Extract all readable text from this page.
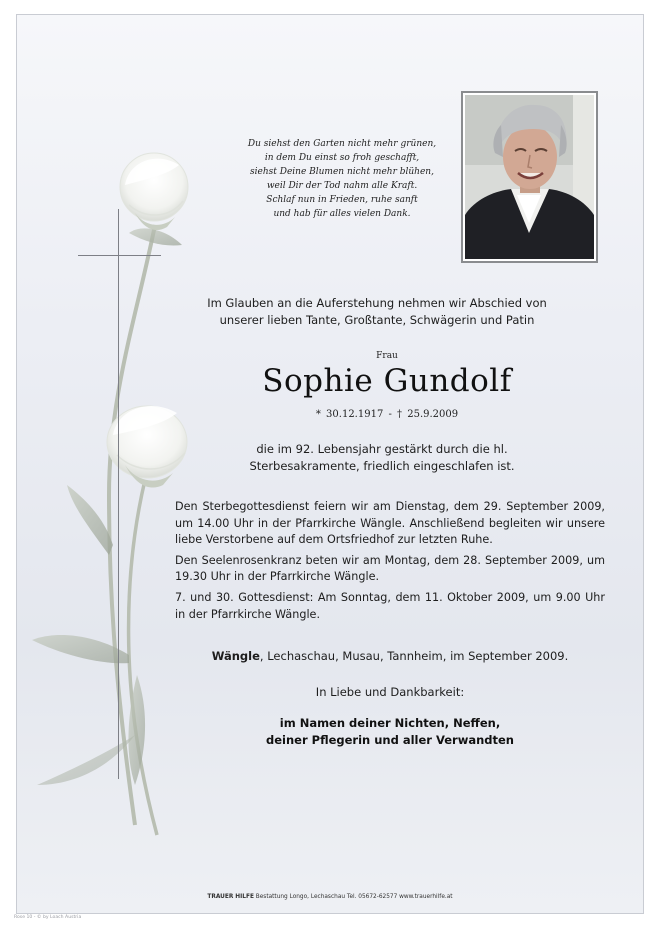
Du siehst den Garten nicht mehr grünen,
in dem Du einst so froh geschafft,
siehst Deine Blumen nicht mehr blühen,
weil Dir der Tod nahm alle Kraft.
Schlaf nun in Frieden, ruhe sanft
und hab für alles vielen Dank.
Im Glauben an die Auferstehung nehmen wir Abschied von
unserer lieben Tante, Großtante, Schwägerin und Patin
Frau
Sophie Gundolf
* 30.12.1917 - † 25.9.2009
die im 92. Lebensjahr gestärkt durch die hl.
Sterbesakramente, friedlich eingeschlafen ist.

Den Sterbegottesdienst feiern wir am Dienstag, dem 29. September 2009, um 14.00 Uhr in der Pfarrkirche Wängle. Anschließend begleiten wir unsere liebe Verstorbene auf dem Ortsfriedhof zur letzten Ruhe.

Den Seelenrosenkranz beten wir am Montag, dem 28. September 2009, um 19.30 Uhr in der Pfarrkirche Wängle.

7. und 30. Gottesdienst: Am Sonntag, dem 11. Oktober 2009, um 9.00 Uhr in der Pfarrkirche Wängle.

Wängle, Lechaschau, Musau, Tannheim, im September 2009.
In Liebe und Dankbarkeit:
im Namen deiner Nichten, Neffen,
deiner Pflegerin und aller Verwandten
TRAUER HILFE Bestattung Longo, Lechaschau Tel. 05672-62577 www.trauerhilfe.at
Rose 10 - © by Loach Austria
